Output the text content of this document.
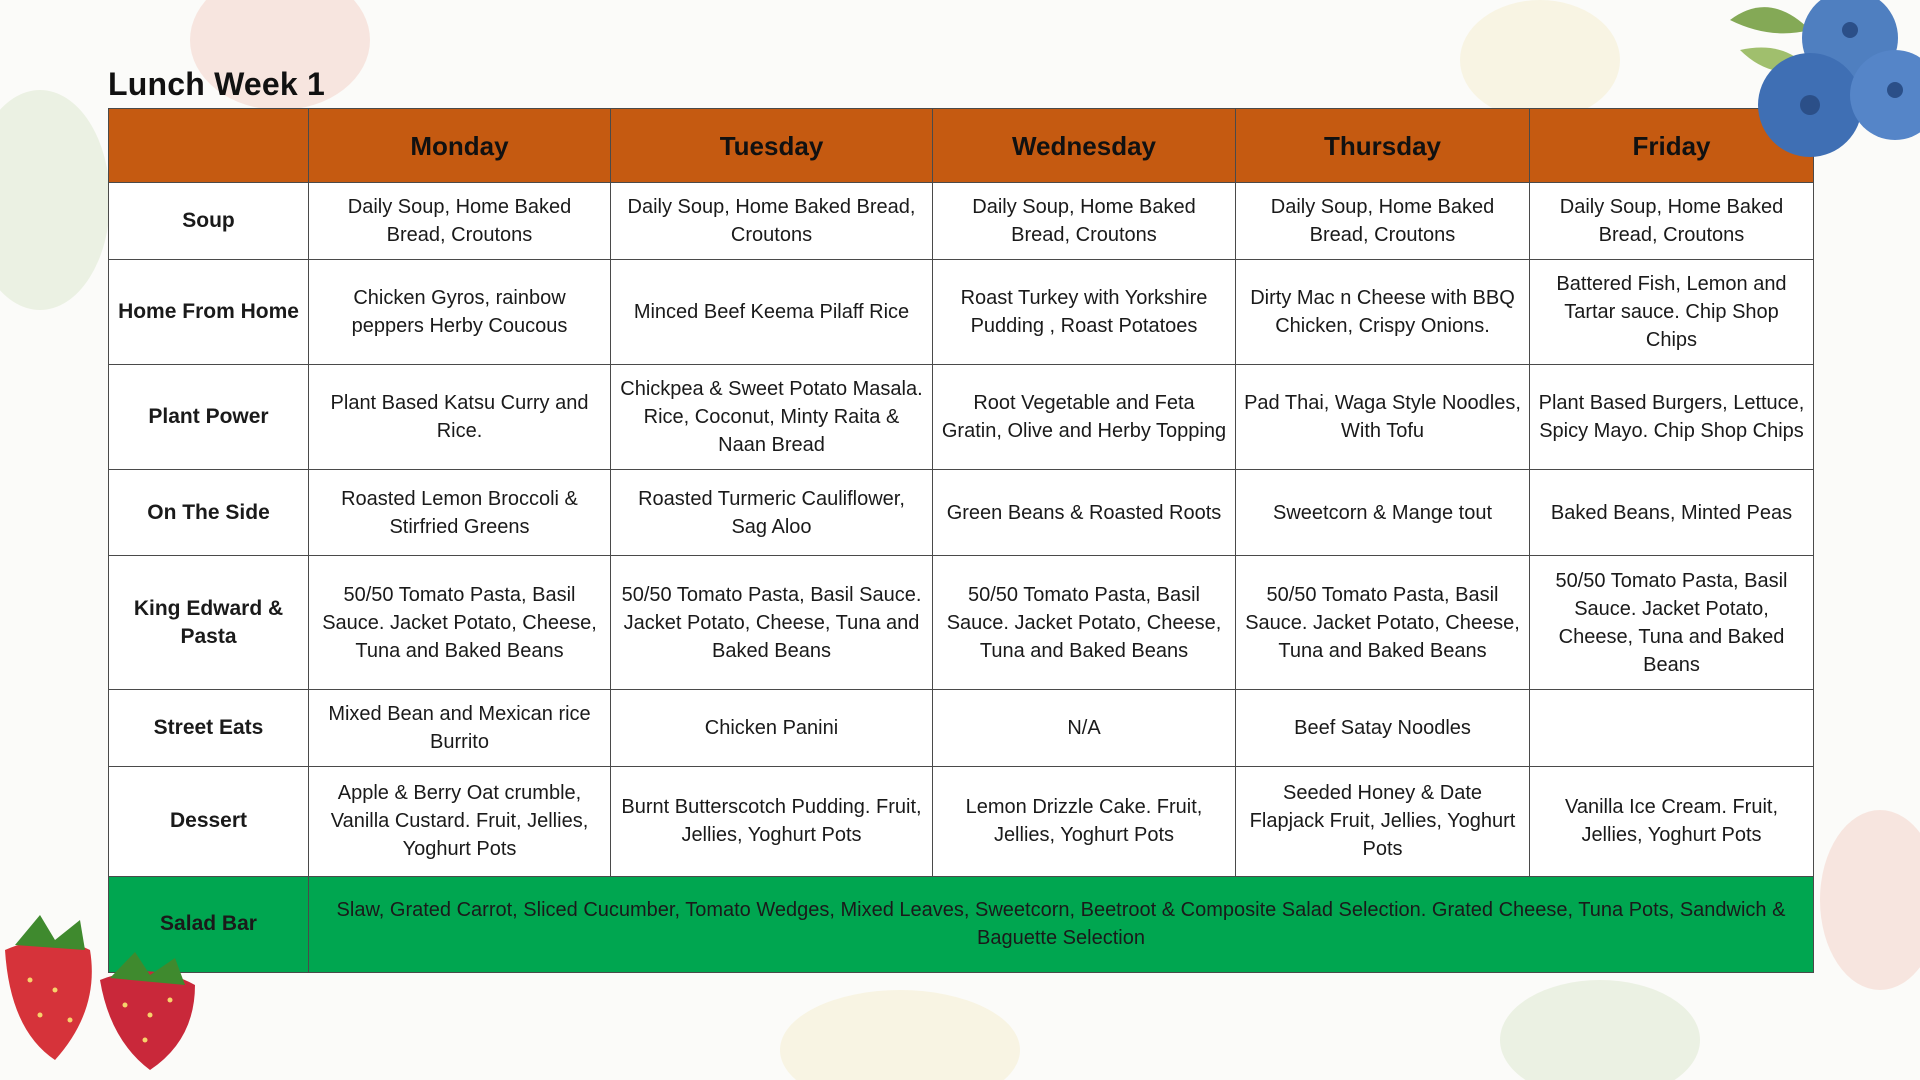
Lunch Week 1
	Monday	Tuesday	Wednesday	Thursday	Friday
Soup	Daily Soup, Home Baked Bread, Croutons	Daily Soup, Home Baked Bread, Croutons	Daily Soup, Home Baked Bread, Croutons	Daily Soup, Home Baked Bread, Croutons	Daily Soup, Home Baked Bread, Croutons
Home From Home	Chicken Gyros, rainbow peppers Herby Coucous	Minced Beef Keema Pilaff Rice	Roast Turkey with Yorkshire Pudding , Roast Potatoes	Dirty Mac n Cheese with BBQ Chicken, Crispy Onions.	Battered Fish, Lemon and Tartar sauce. Chip Shop Chips
Plant Power	Plant Based Katsu Curry and Rice.	Chickpea & Sweet Potato Masala. Rice, Coconut, Minty Raita & Naan Bread	Root Vegetable and Feta Gratin, Olive and Herby Topping	Pad Thai, Waga Style Noodles, With Tofu	Plant Based Burgers, Lettuce, Spicy Mayo. Chip Shop Chips
On The Side	Roasted Lemon Broccoli & Stirfried Greens	Roasted Turmeric Cauliflower, Sag Aloo	Green Beans & Roasted Roots	Sweetcorn & Mange tout	Baked Beans, Minted Peas
King Edward & Pasta	50/50 Tomato Pasta, Basil Sauce. Jacket Potato, Cheese, Tuna and Baked Beans	50/50 Tomato Pasta, Basil Sauce. Jacket Potato, Cheese, Tuna and Baked Beans	50/50 Tomato Pasta, Basil Sauce. Jacket Potato, Cheese, Tuna and Baked Beans	50/50 Tomato Pasta, Basil Sauce. Jacket Potato, Cheese, Tuna and Baked Beans	50/50 Tomato Pasta, Basil Sauce. Jacket Potato, Cheese, Tuna and Baked Beans
Street Eats	Mixed Bean and Mexican rice Burrito	Chicken Panini	N/A	Beef Satay Noodles	
Dessert	Apple & Berry Oat crumble, Vanilla Custard. Fruit, Jellies, Yoghurt Pots	Burnt Butterscotch Pudding. Fruit, Jellies, Yoghurt Pots	Lemon Drizzle Cake. Fruit, Jellies, Yoghurt Pots	Seeded Honey & Date Flapjack Fruit, Jellies, Yoghurt Pots	Vanilla Ice Cream. Fruit, Jellies, Yoghurt Pots
Salad Bar	Slaw, Grated Carrot, Sliced Cucumber, Tomato Wedges, Mixed Leaves, Sweetcorn, Beetroot & Composite Salad Selection. Grated Cheese, Tuna Pots, Sandwich & Baguette Selection				
